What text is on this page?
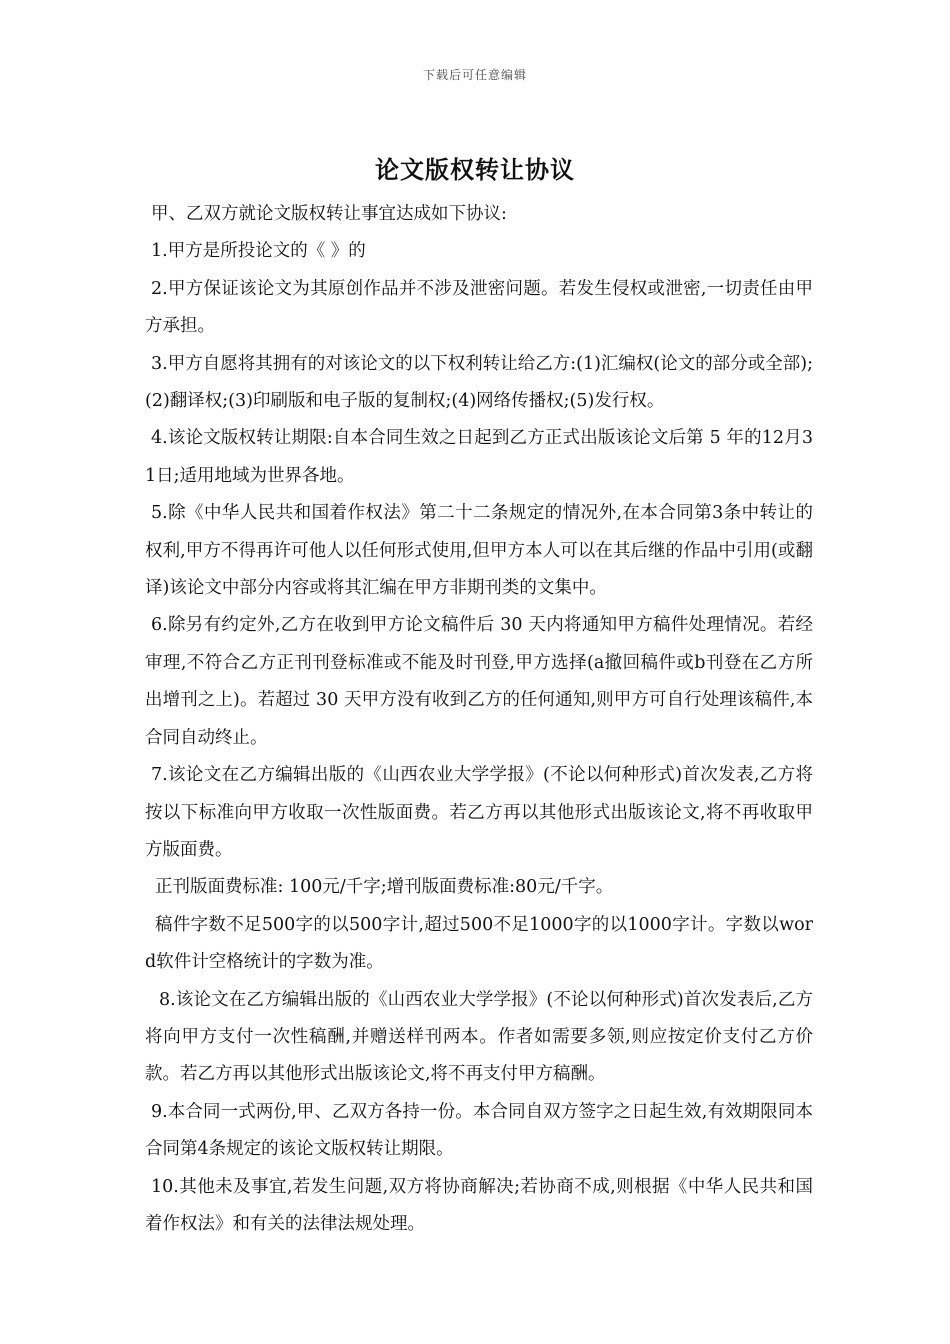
下载后可任意编辑
论文版权转让协议

甲、乙双方就论文版权转让事宜达成如下协议:

1.甲方是所投论文的《 》的

2.甲方保证该论文为其原创作品并不涉及泄密问题。若发生侵权或泄密,一切责任由甲方承担。

3.甲方自愿将其拥有的对该论文的以下权利转让给乙方:(1)汇编权(论文的部分或全部);(2)翻译权;(3)印刷版和电子版的复制权;(4)网络传播权;(5)发行权。

4.该论文版权转让期限:自本合同生效之日起到乙方正式出版该论文后第 5 年的12月31日;适用地域为世界各地。

5.除《中华人民共和国着作权法》第二十二条规定的情况外,在本合同第3条中转让的权利,甲方不得再许可他人以任何形式使用,但甲方本人可以在其后继的作品中引用(或翻译)该论文中部分内容或将其汇编在甲方非期刊类的文集中。

6.除另有约定外,乙方在收到甲方论文稿件后 30 天内将通知甲方稿件处理情况。若经审理,不符合乙方正刊刊登标准或不能及时刊登,甲方选择(a撤回稿件或b刊登在乙方所出增刊之上)。若超过 30 天甲方没有收到乙方的任何通知,则甲方可自行处理该稿件,本合同自动终止。

7.该论文在乙方编辑出版的《山西农业大学学报》(不论以何种形式)首次发表,乙方将按以下标准向甲方收取一次性版面费。若乙方再以其他形式出版该论文,将不再收取甲方版面费。

正刊版面费标准: 100元/千字;增刊版面费标准:80元/千字。

稿件字数不足500字的以500字计,超过500不足1000字的以1000字计。字数以word软件计空格统计的字数为准。

8.该论文在乙方编辑出版的《山西农业大学学报》(不论以何种形式)首次发表后,乙方将向甲方支付一次性稿酬,并赠送样刊两本。作者如需要多领,则应按定价支付乙方价款。若乙方再以其他形式出版该论文,将不再支付甲方稿酬。

9.本合同一式两份,甲、乙双方各持一份。本合同自双方签字之日起生效,有效期限同本合同第4条规定的该论文版权转让期限。

10.其他未及事宜,若发生问题,双方将协商解决;若协商不成,则根据《中华人民共和国着作权法》和有关的法律法规处理。
